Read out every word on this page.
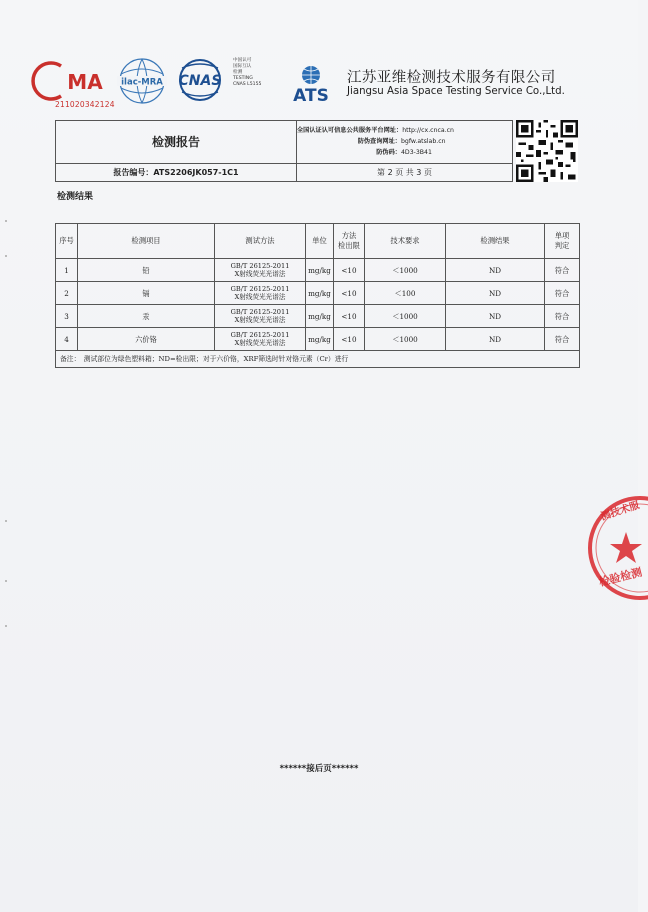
MA
211020342124
ilac-MRA CNAS
中国认可
国际互认
检测
TESTING
CNAS L5155
ATS
江苏亚维检测技术服务有限公司
Jiangsu Asia Space Testing Service Co.,Ltd.
检测报告
报告编号：ATS2206JK057-1C1
全国认证认可信息公共服务平台网址：http://cx.cnca.cn
防伪查询网址：bgfw.atslab.cn
防伪码：4D3-3B41
第 2 页 共 3 页
检测结果
序号	检测项目	测试方法	单位	方法
检出限	技术要求	检测结果	单项
判定
1	铅	GB/T 26125-2011
X射线荧光光谱法	mg/kg	<10	＜1000	ND	符合
2	镉	GB/T 26125-2011
X射线荧光光谱法	mg/kg	<10	＜100	ND	符合
3	汞	GB/T 26125-2011
X射线荧光光谱法	mg/kg	<10	＜1000	ND	符合
4	六价铬	GB/T 26125-2011
X射线荧光光谱法	mg/kg	<10	＜1000	ND	符合
备注：　测试部位为绿色塑料箱；ND=检出限；对于六价铬，XRF筛选时针对铬元素（Cr）进行							
******接后页******
测技术服
检验检测
